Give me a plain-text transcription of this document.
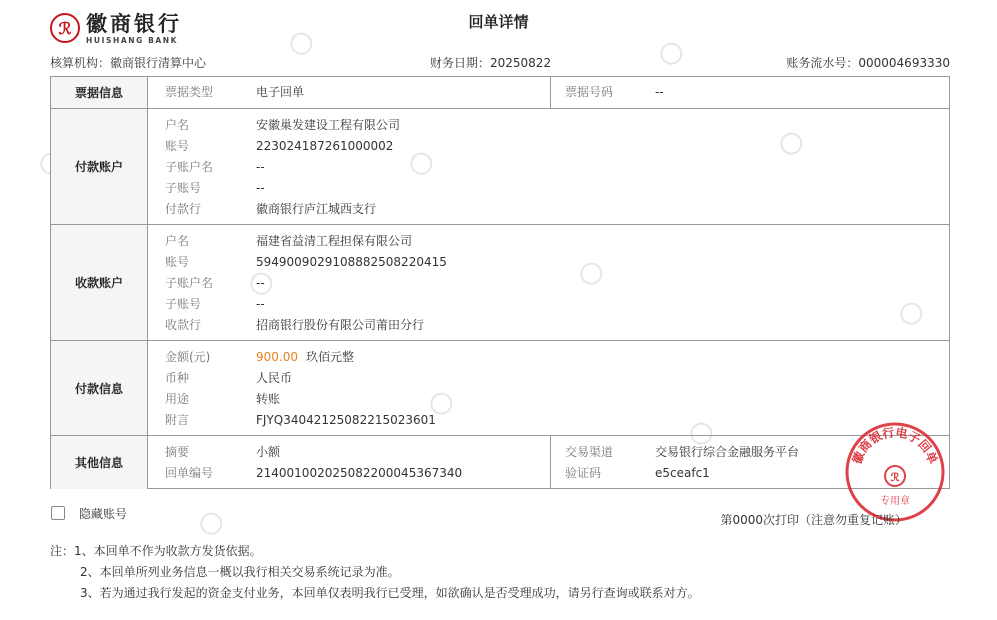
ℛ 徽商银行
HUISHANG BANK
回单详情
核算机构：徽商银行清算中心	财务日期：20250822	账务流水号：000004693330
票据信息	票据类型	电子回单	票据号码	--
付款账户
户名	安徽巢发建设工程有限公司
账号	223024187261000002
子账户名	--
子账号	--
付款行	徽商银行庐江城西支行
收款账户
户名	福建省益清工程担保有限公司
账号	5949009029108882508220415
子账户名	--
子账号	--
收款行	招商银行股份有限公司莆田分行
付款信息
金额(元)	900.00 玖佰元整
币种	人民币
用途	转账
附言	FJYQ34042125082215023601
其他信息
摘要	小额	交易渠道	交易银行综合金融服务平台
回单编号	214001002025082200045367340	验证码	e5ceafc1
徽商银行电子回单
ℛ
专用章
隐藏账号	第0000次打印（注意勿重复记账）
注：1、本回单不作为收款方发货依据。
2、本回单所列业务信息一概以我行相关交易系统记录为准。
3、若为通过我行发起的资金支付业务，本回单仅表明我行已受理，如欲确认是否受理成功，请另行查询或联系对方。
